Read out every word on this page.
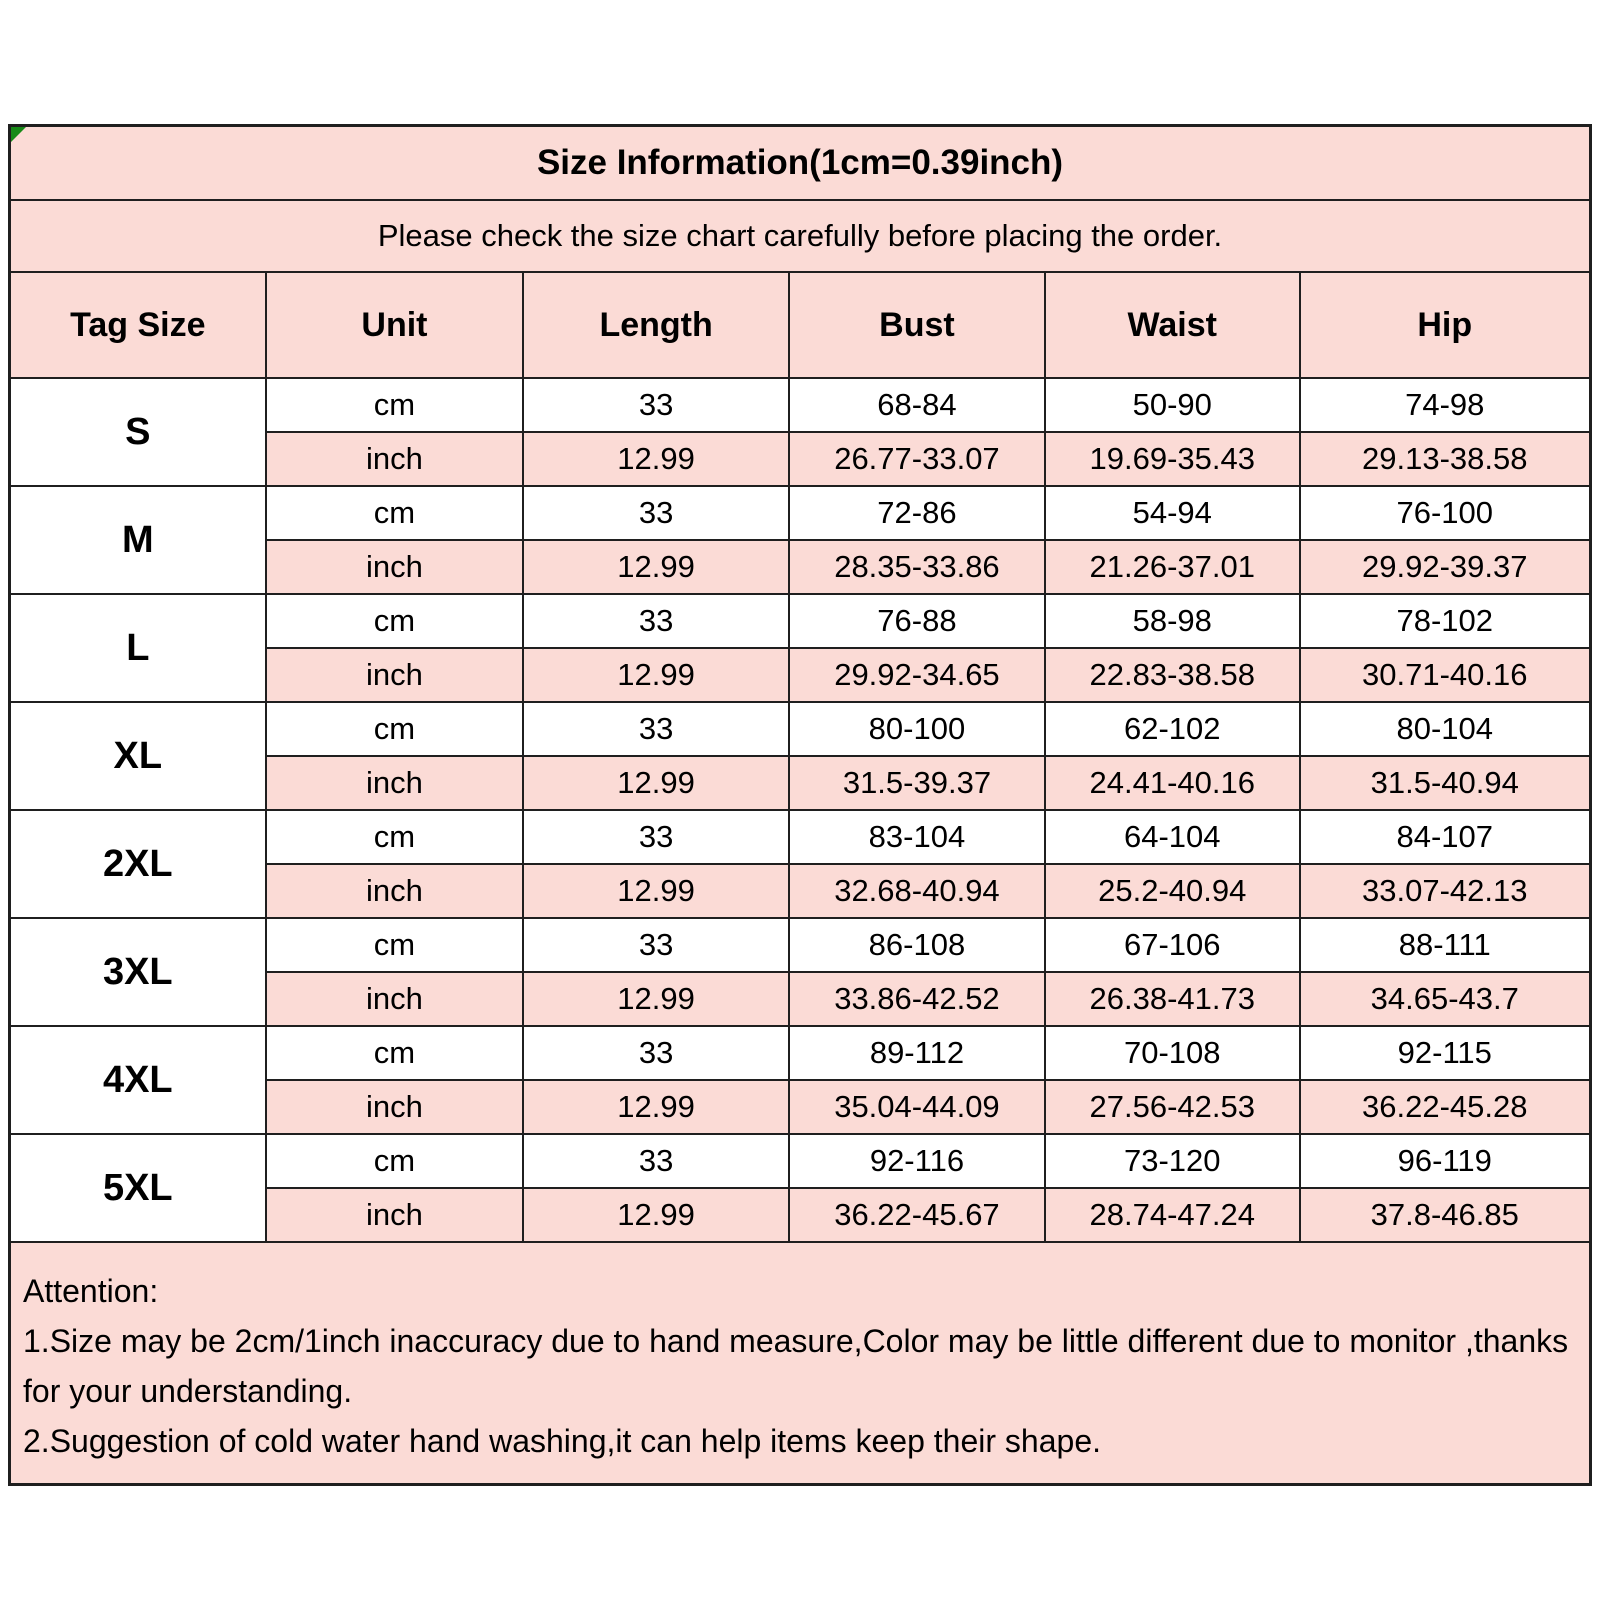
Size Information(1cm=0.39inch)					
Please check the size chart carefully before placing the order.					
Tag Size	Unit	Length	Bust	Waist	Hip
S	cm	33	68-84	50-90	74-98
	inch	12.99	26.77-33.07	19.69-35.43	29.13-38.58
M	cm	33	72-86	54-94	76-100
	inch	12.99	28.35-33.86	21.26-37.01	29.92-39.37
L	cm	33	76-88	58-98	78-102
	inch	12.99	29.92-34.65	22.83-38.58	30.71-40.16
XL	cm	33	80-100	62-102	80-104
	inch	12.99	31.5-39.37	24.41-40.16	31.5-40.94
2XL	cm	33	83-104	64-104	84-107
	inch	12.99	32.68-40.94	25.2-40.94	33.07-42.13
3XL	cm	33	86-108	67-106	88-111
	inch	12.99	33.86-42.52	26.38-41.73	34.65-43.7
4XL	cm	33	89-112	70-108	92-115
	inch	12.99	35.04-44.09	27.56-42.53	36.22-45.28
5XL	cm	33	92-116	73-120	96-119
	inch	12.99	36.22-45.67	28.74-47.24	37.8-46.85

Attention:
1.Size may be 2cm/1inch inaccuracy due to hand measure,Color may be little different due to monitor ,thanks for your understanding.
2.Suggestion of cold water hand washing,it can help items keep their shape.					
